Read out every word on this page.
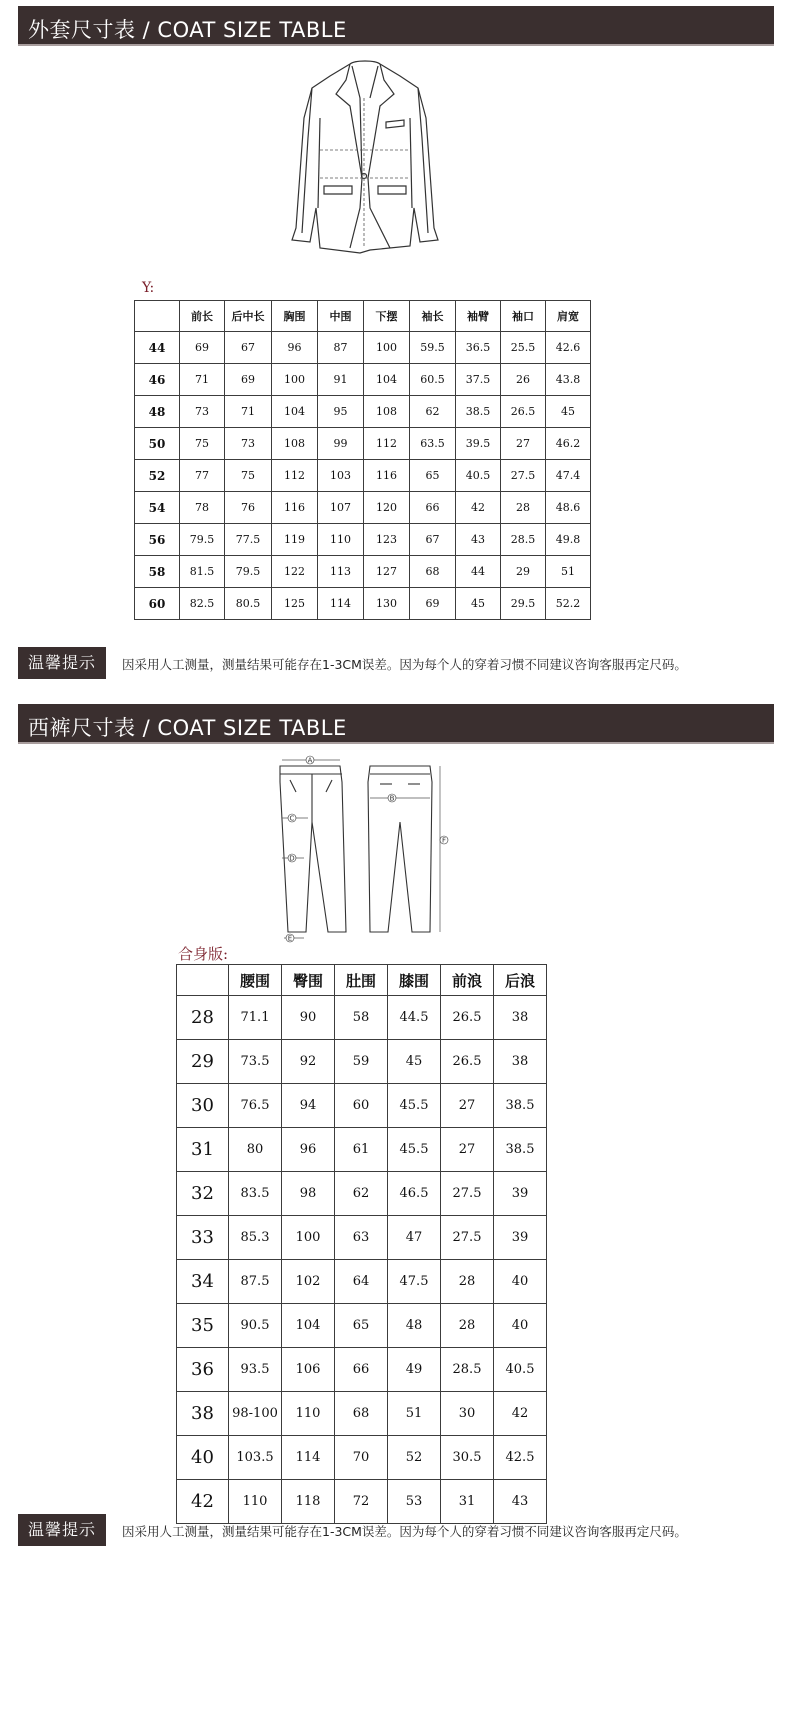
外套尺寸表 / COAT SIZE TABLE
Y:
	前长	后中长	胸围	中围	下摆	袖长	袖臂	袖口	肩宽
44	69	67	96	87	100	59.5	36.5	25.5	42.6
46	71	69	100	91	104	60.5	37.5	26	43.8
48	73	71	104	95	108	62	38.5	26.5	45
50	75	73	108	99	112	63.5	39.5	27	46.2
52	77	75	112	103	116	65	40.5	27.5	47.4
54	78	76	116	107	120	66	42	28	48.6
56	79.5	77.5	119	110	123	67	43	28.5	49.8
58	81.5	79.5	122	113	127	68	44	29	51
60	82.5	80.5	125	114	130	69	45	29.5	52.2
温馨提示	因采用人工测量，测量结果可能存在1-3CM误差。因为每个人的穿着习惯不同建议咨询客服再定尺码。
西裤尺寸表 / COAT SIZE TABLE
A
B
C
D
E
F
合身版:
	腰围	臀围	肚围	膝围	前浪	后浪
28	71.1	90	58	44.5	26.5	38
29	73.5	92	59	45	26.5	38
30	76.5	94	60	45.5	27	38.5
31	80	96	61	45.5	27	38.5
32	83.5	98	62	46.5	27.5	39
33	85.3	100	63	47	27.5	39
34	87.5	102	64	47.5	28	40
35	90.5	104	65	48	28	40
36	93.5	106	66	49	28.5	40.5
38	98-100	110	68	51	30	42
40	103.5	114	70	52	30.5	42.5
42	110	118	72	53	31	43
温馨提示	因采用人工测量，测量结果可能存在1-3CM误差。因为每个人的穿着习惯不同建议咨询客服再定尺码。
